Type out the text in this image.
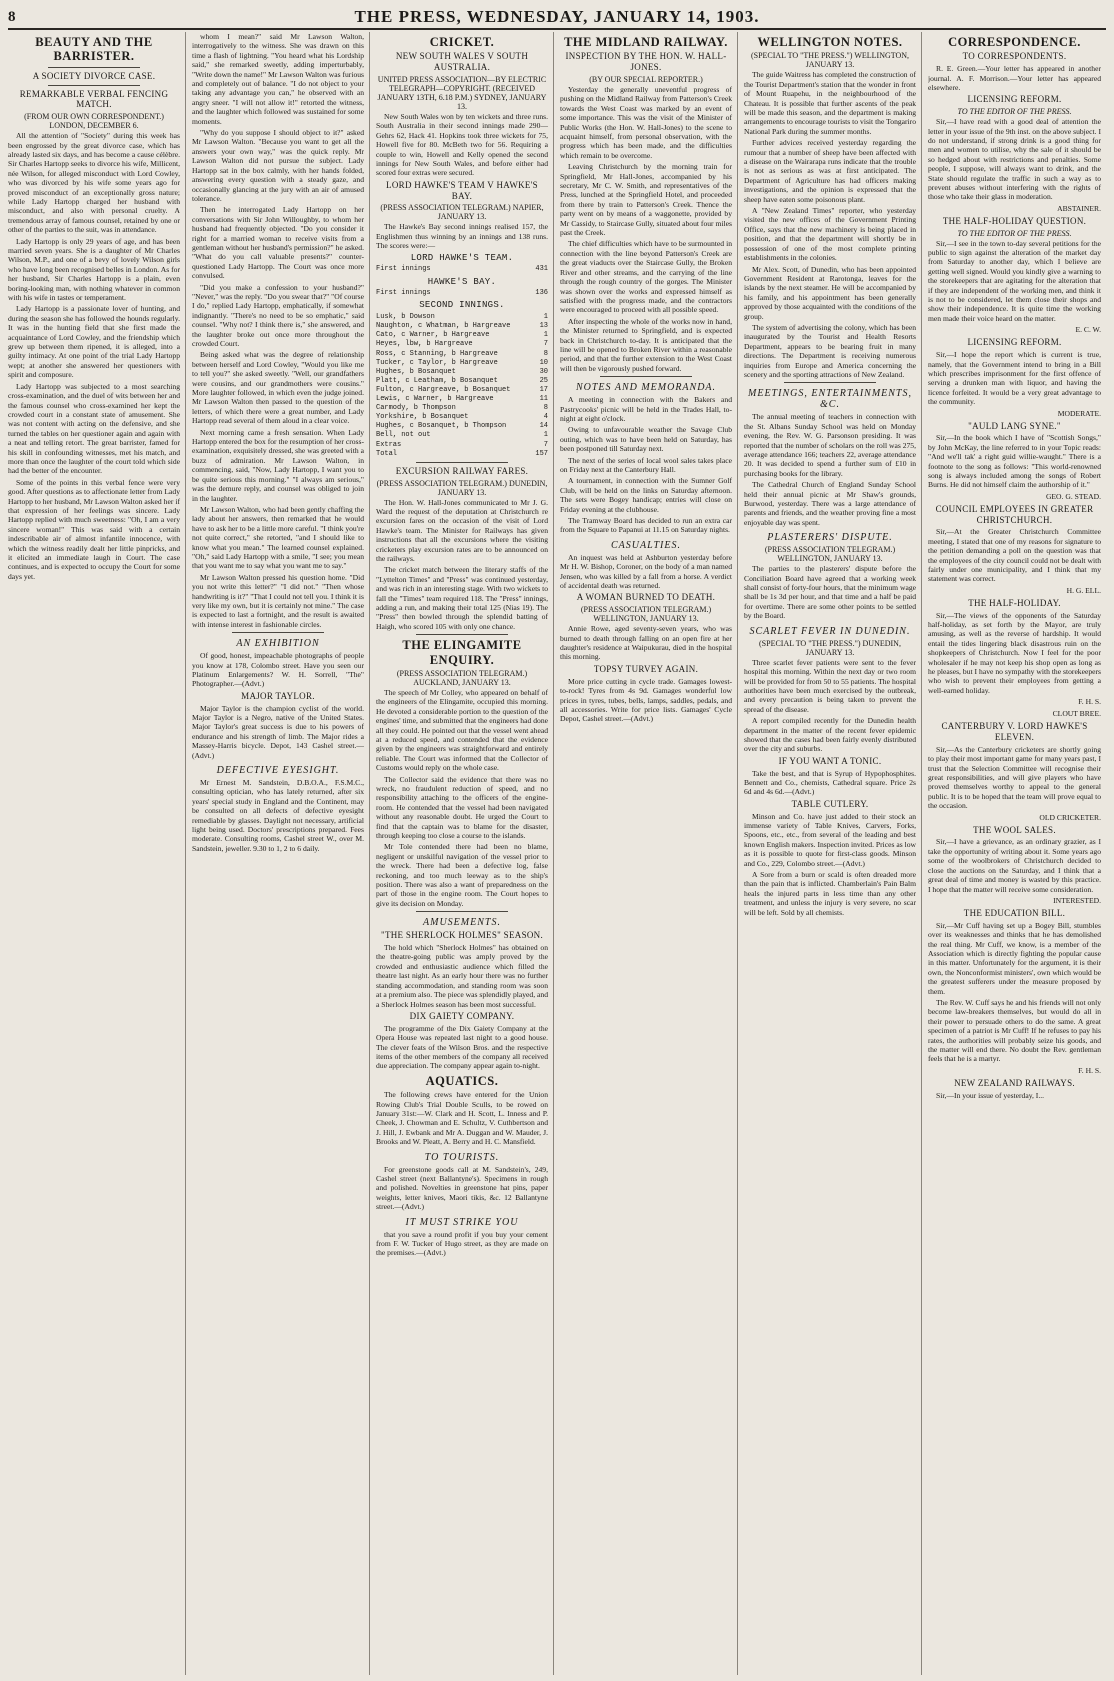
8	THE PRESS, WEDNESDAY, JANUARY 14, 1903.
BEAUTY AND THE BARRISTER.
A SOCIETY DIVORCE CASE.
REMARKABLE VERBAL FENCING MATCH.
(FROM OUR OWN CORRESPONDENT.) LONDON, DECEMBER 6.

All the attention of "Society" during this week has been engrossed by the great divorce case, which has already lasted six days, and has become a cause célèbre. Sir Charles Hartopp seeks to divorce his wife, Millicent, née Wilson, for alleged misconduct with Lord Cowley, who was divorced by his wife some years ago for proved misconduct of an exceptionally gross nature; while Lady Hartopp charged her husband with misconduct, and also with personal cruelty. A tremendous array of famous counsel, retained by one or other of the parties to the suit, was in attendance.

Lady Hartopp is only 29 years of age, and has been married seven years. She is a daughter of Mr Charles Wilson, M.P., and one of a bevy of lovely Wilson girls who have long been recognised belles in London. As for her husband, Sir Charles Hartopp is a plain, even boring-looking man, with nothing whatever in common with his wife in tastes or temperament.

Lady Hartopp is a passionate lover of hunting, and during the season she has followed the hounds regularly. It was in the hunting field that she first made the acquaintance of Lord Cowley, and the friendship which grew up between them ripened, it is alleged, into a guilty intimacy. At one point of the trial Lady Hartopp wept; at another she answered her questioners with spirit and composure.

Lady Hartopp was subjected to a most searching cross-examination, and the duel of wits between her and the famous counsel who cross-examined her kept the crowded court in a constant state of amusement. She was not content with acting on the defensive, and she turned the tables on her questioner again and again with a neat and telling retort. The great barrister, famed for his skill in confounding witnesses, met his match, and more than once the laughter of the court told which side had the better of the encounter.

Some of the points in this verbal fence were very good. After questions as to affectionate letter from Lady Hartopp to her husband, Mr Lawson Walton asked her if that expression of her feelings was sincere. Lady Hartopp replied with much sweetness: "Oh, I am a very sincere woman!" This was said with a certain indescribable air of almost infantile innocence, with which the witness readily dealt her little pinpricks, and it elicited an immediate laugh in Court. The case continues, and is expected to occupy the Court for some days yet.

whom I mean?" said Mr Lawson Walton, interrogatively to the witness. She was drawn on this time a flash of lightning. "You heard what his Lordship said," she remarked sweetly, adding imperturbably, "Write down the name!" Mr Lawson Walton was furious and completely out of balance. "I do not object to your taking any advantage you can," he observed with an angry sneer. "I will not allow it!" retorted the witness, and the laughter which followed was sustained for some moments.

"Why do you suppose I should object to it?" asked Mr Lawson Walton. "Because you want to get all the answers your own way," was the quick reply. Mr Lawson Walton did not pursue the subject. Lady Hartopp sat in the box calmly, with her hands folded, answering every question with a steady gaze, and occasionally glancing at the jury with an air of amused tolerance.

Then he interrogated Lady Hartopp on her conversations with Sir John Willoughby, to whom her husband had frequently objected. "Do you consider it right for a married woman to receive visits from a gentleman without her husband's permission?" he asked. "What do you call valuable presents?" counter-questioned Lady Hartopp. The Court was once more convulsed.

"Did you make a confession to your husband?" "Never," was the reply. "Do you swear that?" "Of course I do," replied Lady Hartopp, emphatically, if somewhat indignantly. "There's no need to be so emphatic," said counsel. "Why not? I think there is," she answered, and the laughter broke out once more throughout the crowded Court.

Being asked what was the degree of relationship between herself and Lord Cowley, "Would you like me to tell you?" she asked sweetly. "Well, our grandfathers were cousins, and our grandmothers were cousins." More laughter followed, in which even the judge joined. Mr Lawson Walton then passed to the question of the letters, of which there were a great number, and Lady Hartopp read several of them aloud in a clear voice.

Next morning came a fresh sensation. When Lady Hartopp entered the box for the resumption of her cross-examination, exquisitely dressed, she was greeted with a buzz of admiration. Mr Lawson Walton, in commencing, said, "Now, Lady Hartopp, I want you to be quite serious this morning." "I always am serious," was the demure reply, and counsel was obliged to join in the laughter.

Mr Lawson Walton, who had been gently chaffing the lady about her answers, then remarked that he would have to ask her to be a little more careful. "I think you're not quite correct," she retorted, "and I should like to know what you mean." The learned counsel explained. "Oh," said Lady Hartopp with a smile, "I see; you mean that you want me to say what you want me to say."

Mr Lawson Walton pressed his question home. "Did you not write this letter?" "I did not." "Then whose handwriting is it?" "That I could not tell you. I think it is very like my own, but it is certainly not mine." The case is expected to last a fortnight, and the result is awaited with intense interest in fashionable circles.

AN EXHIBITION

Of good, honest, impeachable photographs of people you know at 178, Colombo street. Have you seen our Platinum Enlargements? W. H. Sorrell, "The" Photographer.—(Advt.)

MAJOR TAYLOR.

Major Taylor is the champion cyclist of the world. Major Taylor is a Negro, native of the United States. Major Taylor's great success is due to his powers of endurance and his strength of limb. The Major rides a Massey-Harris bicycle. Depot, 143 Cashel street.—(Advt.)

DEFECTIVE EYESIGHT.

Mr Ernest M. Sandstein, D.B.O.A., F.S.M.C., consulting optician, who has lately returned, after six years' special study in England and the Continent, may be consulted on all defects of defective eyesight remediable by glasses. Daylight not necessary, artificial light being used. Doctors' prescriptions prepared. Fees moderate. Consulting rooms, Cashel street W., over M. Sandstein, jeweller. 9.30 to 1, 2 to 6 daily.

CRICKET.
NEW SOUTH WALES V SOUTH AUSTRALIA.
UNITED PRESS ASSOCIATION—BY ELECTRIC TELEGRAPH—COPYRIGHT. (RECEIVED JANUARY 13TH, 6.18 P.M.) SYDNEY, JANUARY 13.

New South Wales won by ten wickets and three runs. South Australia in their second innings made 290—Gehrs 62, Hack 41. Hopkins took three wickets for 75, Howell five for 80. McBeth two for 56. Requiring a couple to win, Howell and Kelly opened the second innings for New South Wales, and before either had scored four extras were secured.

LORD HAWKE'S TEAM V HAWKE'S BAY.
(PRESS ASSOCIATION TELEGRAM.) NAPIER, JANUARY 13.

The Hawke's Bay second innings realised 157, the Englishmen thus winning by an innings and 138 runs. The scores were:—

LORD HAWKE'S TEAM.
First innings	431
HAWKE'S BAY.
First innings	136
SECOND INNINGS.
Lusk, b Dowson	1
Naughton, c Whatman, b Hargreave	13
Cato, c Warner, b Hargreave	1
Heyes, lbw, b Hargreave	7
Ross, c Stanning, b Hargreave	8
Tucker, c Taylor, b Hargreave	10
Hughes, b Bosanquet	30
Platt, c Leatham, b Bosanquet	25
Fulton, c Hargreave, b Bosanquet	17
Lewis, c Warner, b Hargreave	11
Carmody, b Thompson	8
Yorkshire, b Bosanquet	4
Hughes, c Bosanquet, b Thompson	14
Bell, not out	1
Extras	7
Total	157
EXCURSION RAILWAY FARES.
(PRESS ASSOCIATION TELEGRAM.) DUNEDIN, JANUARY 13.

The Hon. W. Hall-Jones communicated to Mr J. G. Ward the request of the deputation at Christchurch re excursion fares on the occasion of the visit of Lord Hawke's team. The Minister for Railways has given instructions that all the excursions where the visiting cricketers play excursion rates are to be announced on the railways.

The cricket match between the literary staffs of the "Lyttelton Times" and "Press" was continued yesterday, and was rich in an interesting stage. With two wickets to fall the "Times" team required 118. The "Press" innings, adding a run, and making their total 125 (Nias 19). The "Press" then bowled through the splendid batting of Haigh, who scored 105 with only one chance.

THE ELINGAMITE ENQUIRY.
(PRESS ASSOCIATION TELEGRAM.) AUCKLAND, JANUARY 13.

The speech of Mr Colley, who appeared on behalf of the engineers of the Elingamite, occupied this morning. He devoted a considerable portion to the question of the engines' time, and submitted that the engineers had done all they could. He pointed out that the vessel went ahead at a reduced speed, and contended that the evidence given by the engineers was straightforward and entirely reliable. The Court was informed that the Collector of Customs would reply on the whole case.

The Collector said the evidence that there was no wreck, no fraudulent reduction of speed, and no responsibility attaching to the officers of the engine-room. He contended that the vessel had been navigated without any reasonable doubt. He urged the Court to find that the captain was to blame for the disaster, through keeping too close a course to the islands.

Mr Tole contended there had been no blame, negligent or unskilful navigation of the vessel prior to the wreck. There had been a defective log, false reckoning, and too much leeway as to the ship's position. There was also a want of preparedness on the part of those in the engine room. The Court hopes to give its decision on Monday.

AMUSEMENTS.
"THE SHERLOCK HOLMES" SEASON.

The hold which "Sherlock Holmes" has obtained on the theatre-going public was amply proved by the crowded and enthusiastic audience which filled the theatre last night. As an early hour there was no further standing accommodation, and standing room was soon at a premium also. The piece was splendidly played, and a Sherlock Holmes season has been most successful.

DIX GAIETY COMPANY.

The programme of the Dix Gaiety Company at the Opera House was repeated last night to a good house. The clever feats of the Wilson Bros. and the respective items of the other members of the company all received due appreciation. The company appear again to-night.

AQUATICS.

The following crews have entered for the Union Rowing Club's Trial Double Sculls, to be rowed on January 31st:—W. Clark and H. Scott, L. Inness and P. Cheek, J. Chowman and E. Schultz, V. Cuthbertson and J. Hill, J. Ewbank and Mr A. Duggan and W. Mauder, J. Brooks and W. Pleatt, A. Berry and H. C. Mansfield.

TO TOURISTS.

For greenstone goods call at M. Sandstein's, 249, Cashel street (next Ballantyne's). Specimens in rough and polished. Novelties in greenstone hat pins, paper weights, letter knives, Maori tikis, &c. 12 Ballantyne street.—(Advt.)

IT MUST STRIKE YOU

that you save a round profit if you buy your cement from F. W. Tucker of Hugo street, as they are made on the premises.—(Advt.)

THE MIDLAND RAILWAY.
INSPECTION BY THE HON. W. HALL-JONES.
(BY OUR SPECIAL REPORTER.)

Yesterday the generally uneventful progress of pushing on the Midland Railway from Patterson's Creek towards the West Coast was marked by an event of some importance. This was the visit of the Minister of Public Works (the Hon. W. Hall-Jones) to the scene to acquaint himself, from personal observation, with the progress which has been made, and the difficulties which remain to be overcome.

Leaving Christchurch by the morning train for Springfield, Mr Hall-Jones, accompanied by his secretary, Mr C. W. Smith, and representatives of the Press, lunched at the Springfield Hotel, and proceeded from there by train to Patterson's Creek. Thence the party went on by means of a waggonette, provided by Mr Cassidy, to Staircase Gully, situated about four miles past the Creek.

The chief difficulties which have to be surmounted in connection with the line beyond Patterson's Creek are the great viaducts over the Staircase Gully, the Broken River and other streams, and the carrying of the line through the rough country of the gorges. The Minister was shown over the works and expressed himself as satisfied with the progress made, and the contractors were encouraged to proceed with all possible speed.

After inspecting the whole of the works now in hand, the Minister returned to Springfield, and is expected back in Christchurch to-day. It is anticipated that the line will be opened to Broken River within a reasonable period, and that the further extension to the West Coast will then be vigorously pushed forward.

NOTES AND MEMORANDA.

A meeting in connection with the Bakers and Pastrycooks' picnic will be held in the Trades Hall, to-night at eight o'clock.

Owing to unfavourable weather the Savage Club outing, which was to have been held on Saturday, has been postponed till Saturday next.

The next of the series of local wool sales takes place on Friday next at the Canterbury Hall.

A tournament, in connection with the Sumner Golf Club, will be held on the links on Saturday afternoon. The sets were Bogey handicap; entries will close on Friday evening at the clubhouse.

The Tramway Board has decided to run an extra car from the Square to Papanui at 11.15 on Saturday nights.

CASUALTIES.

An inquest was held at Ashburton yesterday before Mr H. W. Bishop, Coroner, on the body of a man named Jensen, who was killed by a fall from a horse. A verdict of accidental death was returned.

A WOMAN BURNED TO DEATH.
(PRESS ASSOCIATION TELEGRAM.) WELLINGTON, JANUARY 13.

Annie Rowe, aged seventy-seven years, who was burned to death through falling on an open fire at her daughter's residence at Waipukurau, died in the hospital this morning.

TOPSY TURVEY AGAIN.

More price cutting in cycle trade. Gamages lowest-to-rock! Tyres from 4s 9d. Gamages wonderful low prices in tyres, tubes, bells, lamps, saddles, pedals, and all accessories. Write for price lists. Gamages' Cycle Depot, Cashel street.—(Advt.)

WELLINGTON NOTES.
(SPECIAL TO "THE PRESS.") WELLINGTON, JANUARY 13.

The guide Waitress has completed the construction of the Tourist Department's station that the wonder in front of Mount Ruapehu, in the neighbourhood of the Chateau. It is possible that further ascents of the peak will be made this season, and the department is making arrangements to encourage tourists to visit the Tongariro National Park during the summer months.

Further advices received yesterday regarding the rumour that a number of sheep have been affected with a disease on the Wairarapa runs indicate that the trouble is not as serious as was at first anticipated. The Department of Agriculture has had officers making investigations, and the opinion is expressed that the sheep have eaten some poisonous plant.

A "New Zealand Times" reporter, who yesterday visited the new offices of the Government Printing Office, says that the new machinery is being placed in position, and that the department will shortly be in possession of one of the most complete printing establishments in the colonies.

Mr Alex. Scott, of Dunedin, who has been appointed Government Resident at Rarotonga, leaves for the islands by the next steamer. He will be accompanied by his family, and his appointment has been generally approved by those acquainted with the conditions of the group.

The system of advertising the colony, which has been inaugurated by the Tourist and Health Resorts Department, appears to be bearing fruit in many directions. The Department is receiving numerous inquiries from Europe and America concerning the scenery and the sporting attractions of New Zealand.

MEETINGS, ENTERTAINMENTS, &C.

The annual meeting of teachers in connection with the St. Albans Sunday School was held on Monday evening, the Rev. W. G. Parsonson presiding. It was reported that the number of scholars on the roll was 275, average attendance 166; teachers 22, average attendance 20. It was decided to spend a further sum of £10 in purchasing books for the library.

The Cathedral Church of England Sunday School held their annual picnic at Mr Shaw's grounds, Burwood, yesterday. There was a large attendance of parents and friends, and the weather proving fine a most enjoyable day was spent.

PLASTERERS' DISPUTE.
(PRESS ASSOCIATION TELEGRAM.) WELLINGTON, JANUARY 13.

The parties to the plasterers' dispute before the Conciliation Board have agreed that a working week shall consist of forty-four hours, that the minimum wage shall be 1s 3d per hour, and that time and a half be paid for overtime. There are some other points to be settled by the Board.

SCARLET FEVER IN DUNEDIN.
(SPECIAL TO "THE PRESS.") DUNEDIN, JANUARY 13.

Three scarlet fever patients were sent to the fever hospital this morning. Within the next day or two room will be provided for from 50 to 55 patients. The hospital authorities have been much exercised by the outbreak, and every precaution is being taken to prevent the spread of the disease.

A report compiled recently for the Dunedin health department in the matter of the recent fever epidemic showed that the cases had been fairly evenly distributed over the city and suburbs.

IF YOU WANT A TONIC.

Take the best, and that is Syrup of Hypophosphites. Bennett and Co., chemists, Cathedral square. Price 2s 6d and 4s 6d.—(Advt.)

TABLE CUTLERY.

Minson and Co. have just added to their stock an immense variety of Table Knives, Carvers, Forks, Spoons, etc., etc., from several of the leading and best known English makers. Inspection invited. Prices as low as it is possible to quote for first-class goods. Minson and Co., 229, Colombo street.—(Advt.)

A Sore from a burn or scald is often dreaded more than the pain that is inflicted. Chamberlain's Pain Balm heals the injured parts in less time than any other treatment, and unless the injury is very severe, no scar will be left. Sold by all chemists.

CORRESPONDENCE.
TO CORRESPONDENTS.

R. E. Green.—Your letter has appeared in another journal. A. F. Morrison.—Your letter has appeared elsewhere.

LICENSING REFORM.
TO THE EDITOR OF THE PRESS.

Sir,—I have read with a good deal of attention the letter in your issue of the 9th inst. on the above subject. I do not understand, if strong drink is a good thing for men and women to utilise, why the sale of it should be so hedged about with restrictions and penalties. Some people, I suppose, will always want to drink, and the State should regulate the traffic in such a way as to prevent abuses without interfering with the rights of those who take their glass in moderation.

ABSTAINER.
THE HALF-HOLIDAY QUESTION.
TO THE EDITOR OF THE PRESS.

Sir,—I see in the town to-day several petitions for the public to sign against the alteration of the market day from Saturday to another day, which I believe are getting well signed. Would you kindly give a warning to the storekeepers that are agitating for the alteration that if they are independent of the working men, and think it is not to be considered, let them close their shops and show their independence. It is quite time the working men made their voice heard on the matter.

E. C. W.
LICENSING REFORM.

Sir,—I hope the report which is current is true, namely, that the Government intend to bring in a Bill which prescribes imprisonment for the first offence of serving a drunken man with liquor, and having the licence forfeited. It would be a very great advantage to the community.

MODERATE.
"AULD LANG SYNE."

Sir,—In the book which I have of "Scottish Songs," by John McKay, the line referred to in your Topic reads: "And we'll tak' a right guid willie-waught." There is a footnote to the song as follows: "This world-renowned song is always included among the songs of Robert Burns. He did not himself claim the authorship of it."

GEO. G. STEAD.
COUNCIL EMPLOYEES IN GREATER CHRISTCHURCH.

Sir,—At the Greater Christchurch Committee meeting, I stated that one of my reasons for signature to the petition demanding a poll on the question was that the employees of the city council could not be dealt with fairly under one municipality, and I think that my statement was correct.

H. G. ELL.
THE HALF-HOLIDAY.

Sir,—The views of the opponents of the Saturday half-holiday, as set forth by the Mayor, are truly amusing, as well as the reverse of hardship. It would entail the tides lingering black disastrous ruin on the shopkeepers of Christchurch. Now I feel for the poor wholesaler if he may not keep his shop open as long as he pleases, but I have no sympathy with the storekeepers who wish to prevent their employees from getting a well-earned holiday.

F. H. S.
CLOUT BREE.
CANTERBURY V. LORD HAWKE'S ELEVEN.

Sir,—As the Canterbury cricketers are shortly going to play their most important game for many years past, I trust that the Selection Committee will recognise their great responsibilities, and will give players who have proved themselves worthy to appeal to the general public. It is to be hoped that the team will prove equal to the occasion.

OLD CRICKETER.
THE WOOL SALES.

Sir,—I have a grievance, as an ordinary grazier, as I take the opportunity of writing about it. Some years ago some of the woolbrokers of Christchurch decided to close the auctions on the Saturday, and I think that a great deal of time and money is wasted by this practice. I hope that the matter will receive some consideration.

INTERESTED.
THE EDUCATION BILL.

Sir,—Mr Cuff having set up a Bogey Bill, stumbles over its weaknesses and thinks that he has demolished the real thing. Mr Cuff, we know, is a member of the Association which is directly fighting the popular cause in this matter. Unfortunately for the argument, it is their own, the Nonconformist ministers', own which would be the greatest sufferers under the measure proposed by them.

The Rev. W. Cuff says he and his friends will not only become law-breakers themselves, but would do all in their power to persuade others to do the same. A great specimen of a patriot is Mr Cuff! If he refuses to pay his rates, the authorities will probably seize his goods, and the matter will end there. No doubt the Rev. gentleman feels that he is a martyr.

F. H. S.
NEW ZEALAND RAILWAYS.

Sir,—In your issue of yesterday, I...
